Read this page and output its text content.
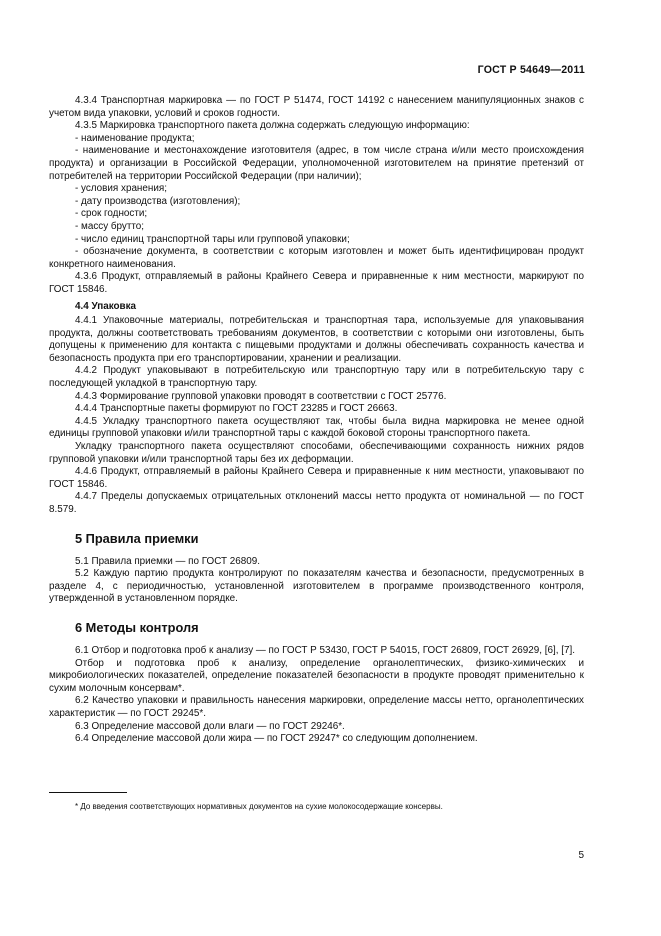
ГОСТ Р 54649—2011

4.3.4 Транспортная маркировка — по ГОСТ Р 51474, ГОСТ 14192 с нанесением манипуляционных знаков с учетом вида упаковки, условий и сроков годности.

4.3.5 Маркировка транспортного пакета должна содержать следующую информацию:

- наименование продукта;

- наименование и местонахождение изготовителя (адрес, в том числе страна и/или место происхождения продукта) и организации в Российской Федерации, уполномоченной изготовителем на принятие претензий от потребителей на территории Российской Федерации (при наличии);

- условия хранения;

- дату производства (изготовления);

- срок годности;

- массу брутто;

- число единиц транспортной тары или групповой упаковки;

- обозначение документа, в соответствии с которым изготовлен и может быть идентифицирован продукт конкретного наименования.

4.3.6 Продукт, отправляемый в районы Крайнего Севера и приравненные к ним местности, маркируют по ГОСТ 15846.

4.4 Упаковка

4.4.1 Упаковочные материалы, потребительская и транспортная тара, используемые для упаковывания продукта, должны соответствовать требованиям документов, в соответствии с которыми они изготовлены, быть допущены к применению для контакта с пищевыми продуктами и должны обеспечивать сохранность качества и безопасность продукта при его транспортировании, хранении и реализации.

4.4.2 Продукт упаковывают в потребительскую или транспортную тару или в потребительскую тару с последующей укладкой в транспортную тару.

4.4.3 Формирование групповой упаковки проводят в соответствии с ГОСТ 25776.

4.4.4 Транспортные пакеты формируют по ГОСТ 23285 и ГОСТ 26663.

4.4.5 Укладку транспортного пакета осуществляют так, чтобы была видна маркировка не менее одной единицы групповой упаковки и/или транспортной тары с каждой боковой стороны транспортного пакета.

Укладку транспортного пакета осуществляют способами, обеспечивающими сохранность нижних рядов групповой упаковки и/или транспортной тары без их деформации.

4.4.6 Продукт, отправляемый в районы Крайнего Севера и приравненные к ним местности, упаковывают по ГОСТ 15846.

4.4.7 Пределы допускаемых отрицательных отклонений массы нетто продукта от номинальной — по ГОСТ 8.579.

5 Правила приемки

5.1 Правила приемки — по ГОСТ 26809.

5.2 Каждую партию продукта контролируют по показателям качества и безопасности, предусмотренных в разделе 4, с периодичностью, установленной изготовителем в программе производственного контроля, утвержденной в установленном порядке.

6 Методы контроля

6.1 Отбор и подготовка проб к анализу — по ГОСТ Р 53430, ГОСТ Р 54015, ГОСТ 26809, ГОСТ 26929, [6], [7].

Отбор и подготовка проб к анализу, определение органолептических, физико-химических и микробиологических показателей, определение показателей безопасности в продукте проводят применительно к сухим молочным консервам*.

6.2 Качество упаковки и правильность нанесения маркировки, определение массы нетто, органолептических характеристик — по ГОСТ 29245*.

6.3 Определение массовой доли влаги — по ГОСТ 29246*.

6.4 Определение массовой доли жира — по ГОСТ 29247* со следующим дополнением.

* До введения соответствующих нормативных документов на сухие молокосодержащие консервы.
5
